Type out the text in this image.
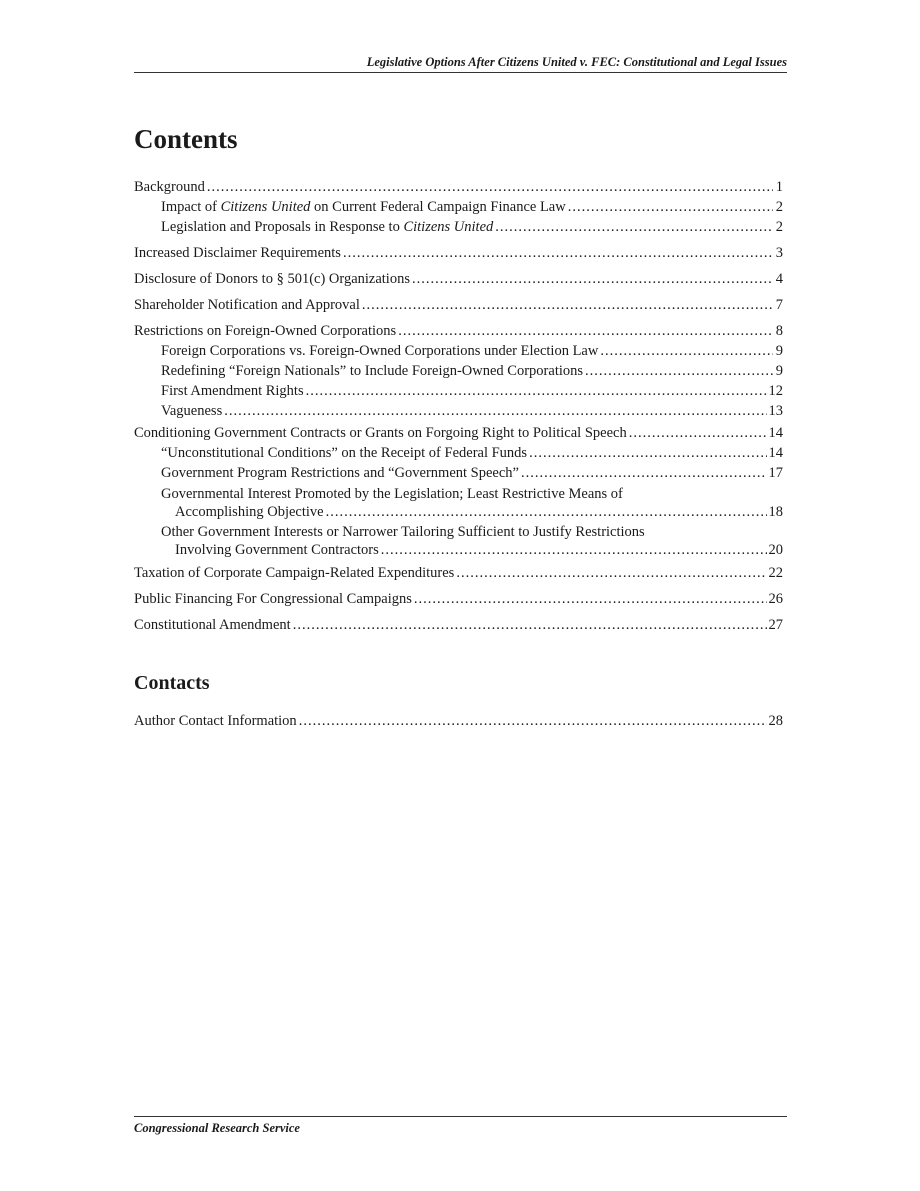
Legislative Options After Citizens United v. FEC: Constitutional and Legal Issues
Contents
Background .....	1
Impact of Citizens United on Current Federal Campaign Finance Law .....	2
Legislation and Proposals in Response to Citizens United .....	2
Increased Disclaimer Requirements .....	3
Disclosure of Donors to § 501(c) Organizations .....	4
Shareholder Notification and Approval .....	7
Restrictions on Foreign-Owned Corporations .....	8
Foreign Corporations vs. Foreign-Owned Corporations under Election Law .....	9
Redefining “Foreign Nationals” to Include Foreign-Owned Corporations .....	9
First Amendment Rights .....	12
Vagueness .....	13
Conditioning Government Contracts or Grants on Forgoing Right to Political Speech .....	14
“Unconstitutional Conditions” on the Receipt of Federal Funds .....	14
Government Program Restrictions and “Government Speech” .....	17
Governmental Interest Promoted by the Legislation; Least Restrictive Means of
Accomplishing Objective .....	18
Other Government Interests or Narrower Tailoring Sufficient to Justify Restrictions
Involving Government Contractors .....	20
Taxation of Corporate Campaign-Related Expenditures .....	22
Public Financing For Congressional Campaigns .....	26
Constitutional Amendment .....	27
Contacts
Author Contact Information .....	28
Congressional Research Service
